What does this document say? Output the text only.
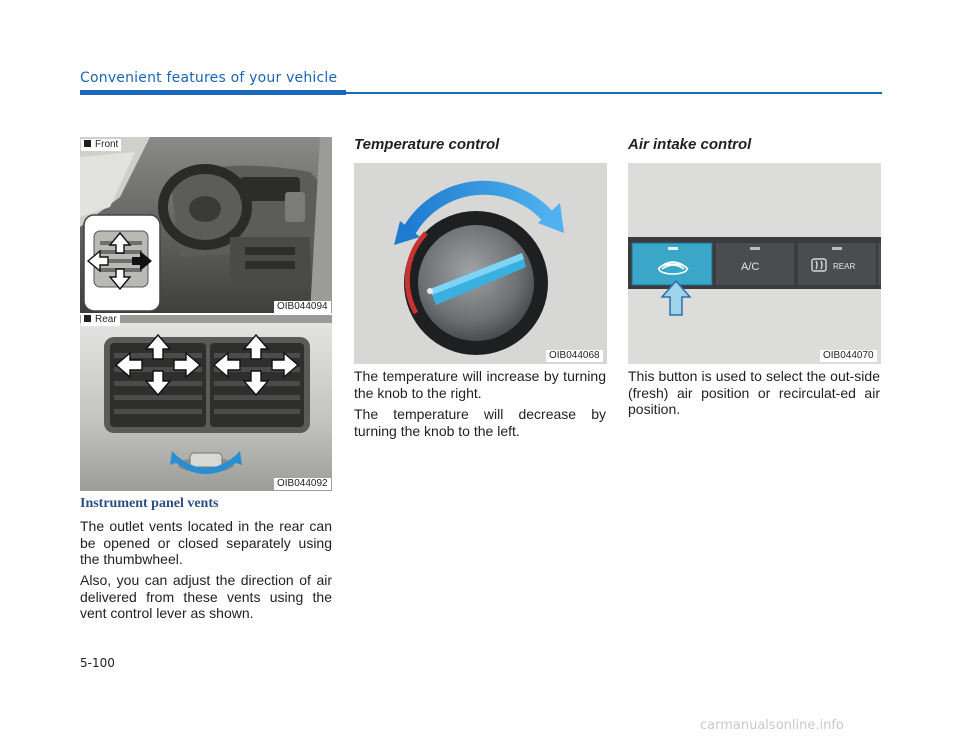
Convenient features of your vehicle
Front
OIB044094
Rear
OIB044092
Instrument panel vents

The outlet vents located in the rear can be opened or closed separately using the thumbwheel.

Also, you can adjust the direction of air delivered from these vents using the vent control lever as shown.

Temperature control
OIB044068

The temperature will increase by turning the knob to the right.

The temperature will decrease by turning the knob to the left.

Air intake control
A/C	REAR
OIB044070

This button is used to select the out-side (fresh) air position or recirculat-ed air position.

5-100
carmanualsonline.info
